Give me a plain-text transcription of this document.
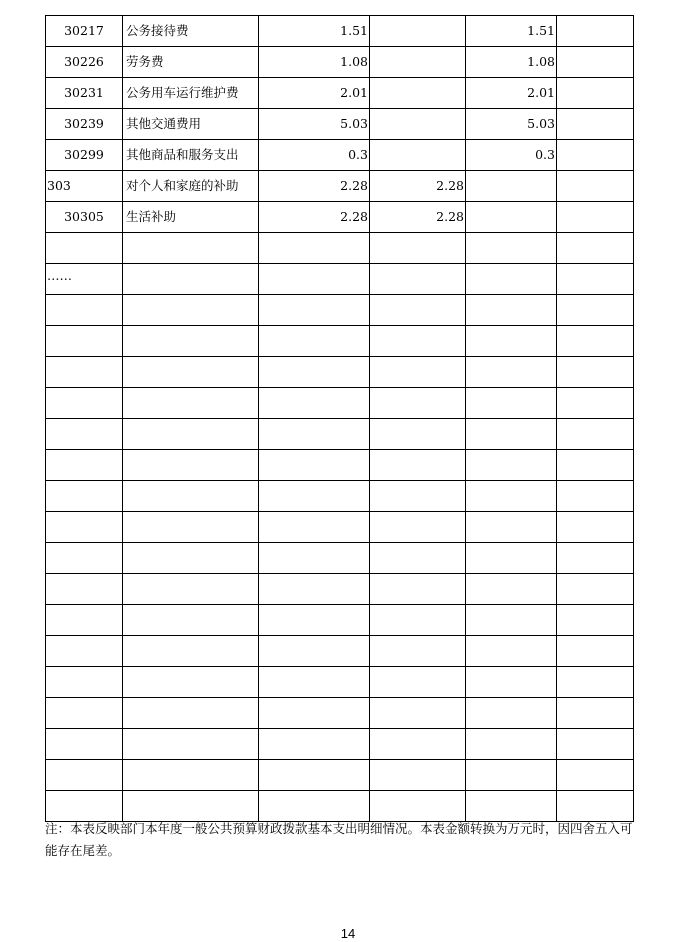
30217	公务接待费	1.51		1.51	
30226	劳务费	1.08		1.08	
30231	公务用车运行维护费	2.01		2.01	
30239	其他交通费用	5.03		5.03	
30299	其他商品和服务支出	0.3		0.3	
303	对个人和家庭的补助	2.28	2.28		
30305	生活补助	2.28	2.28		

……					

注：本表反映部门本年度一般公共预算财政拨款基本支出明细情况。本表金额转换为万元时，因四舍五入可能存在尾差。

14
